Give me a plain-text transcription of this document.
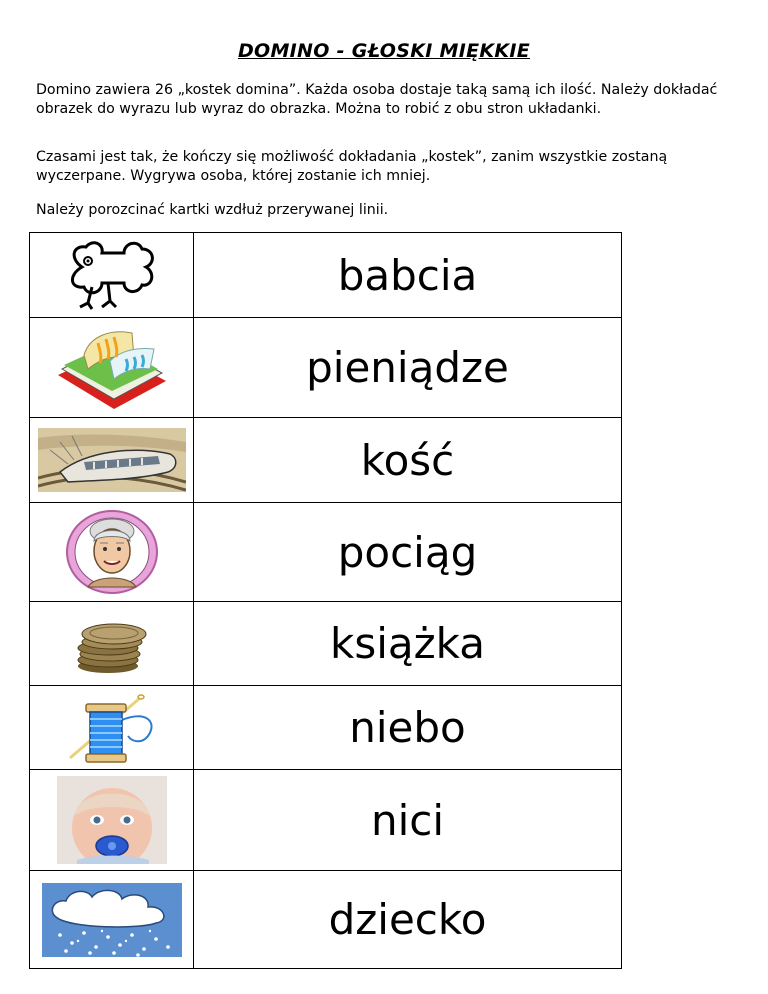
DOMINO - GŁOSKI MIĘKKIE
Domino zawiera 26 „kostek domina”. Każda osoba dostaje taką samą ich ilość. Należy dokładać obrazek do wyrazu lub wyraz do obrazka. Można to robić z obu stron układanki.
Czasami jest tak, że kończy się możliwość dokładania „kostek”, zanim wszystkie zostaną wyczerpane. Wygrywa osoba, której zostanie ich mniej.
Należy porozcinać kartki wzdłuż przerywanej linii.
	babcia

	pieniądze

	kość

	pociąg

	książka

	niebo

	nici

	dziecko
